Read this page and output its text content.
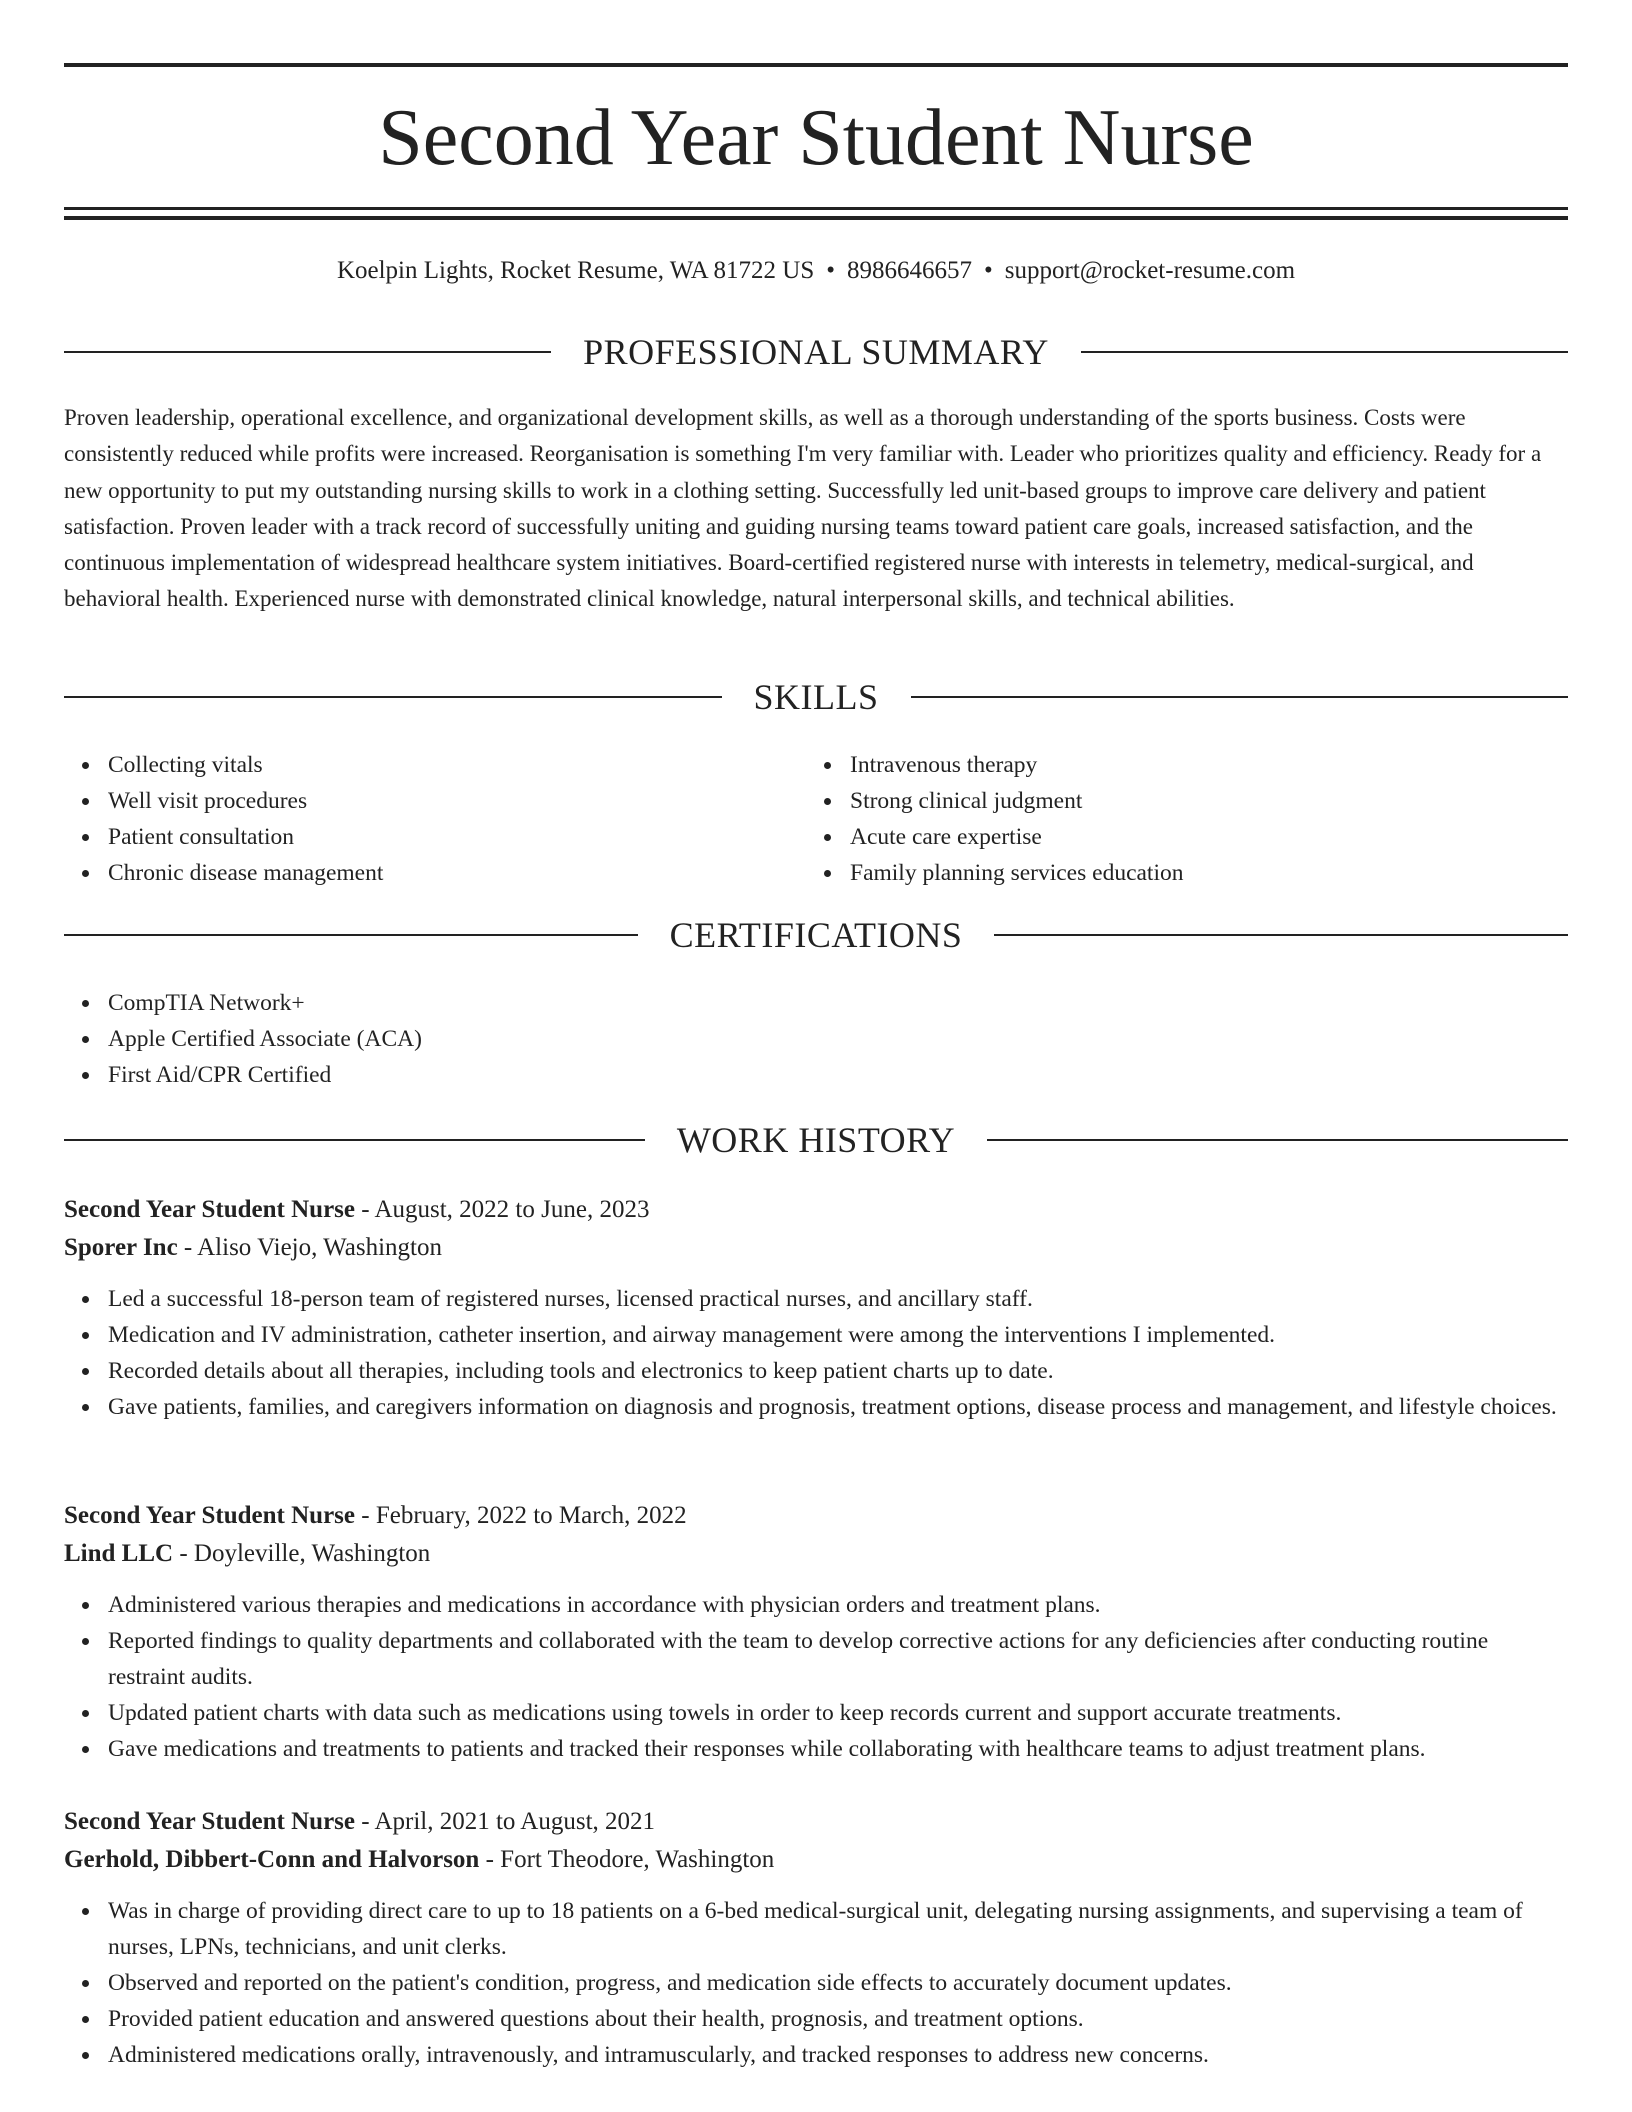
Second Year Student Nurse
Koelpin Lights, Rocket Resume, WA 81722 US • 8986646657 • support@rocket-resume.com
PROFESSIONAL SUMMARY

Proven leadership, operational excellence, and organizational development skills, as well as a thorough understanding of the sports business. Costs were consistently reduced while profits were increased. Reorganisation is something I'm very familiar with. Leader who prioritizes quality and efficiency. Ready for a new opportunity to put my outstanding nursing skills to work in a clothing setting. Successfully led unit-based groups to improve care delivery and patient satisfaction. Proven leader with a track record of successfully uniting and guiding nursing teams toward patient care goals, increased satisfaction, and the continuous implementation of widespread healthcare system initiatives. Board-certified registered nurse with interests in telemetry, medical-surgical, and behavioral health. Experienced nurse with demonstrated clinical knowledge, natural interpersonal skills, and technical abilities.

SKILLS
Collecting vitals
Well visit procedures
Patient consultation
Chronic disease management
Intravenous therapy
Strong clinical judgment
Acute care expertise
Family planning services education
CERTIFICATIONS
CompTIA Network+
Apple Certified Associate (ACA)
First Aid/CPR Certified
WORK HISTORY
Second Year Student Nurse - August, 2022 to June, 2023
Sporer Inc - Aliso Viejo, Washington
Led a successful 18-person team of registered nurses, licensed practical nurses, and ancillary staff.
Medication and IV administration, catheter insertion, and airway management were among the interventions I implemented.
Recorded details about all therapies, including tools and electronics to keep patient charts up to date.
Gave patients, families, and caregivers information on diagnosis and prognosis, treatment options, disease process and management, and lifestyle choices.
Second Year Student Nurse - February, 2022 to March, 2022
Lind LLC - Doyleville, Washington
Administered various therapies and medications in accordance with physician orders and treatment plans.
Reported findings to quality departments and collaborated with the team to develop corrective actions for any deficiencies after conducting routine restraint audits.
Updated patient charts with data such as medications using towels in order to keep records current and support accurate treatments.
Gave medications and treatments to patients and tracked their responses while collaborating with healthcare teams to adjust treatment plans.
Second Year Student Nurse - April, 2021 to August, 2021
Gerhold, Dibbert-Conn and Halvorson - Fort Theodore, Washington
Was in charge of providing direct care to up to 18 patients on a 6-bed medical-surgical unit, delegating nursing assignments, and supervising a team of nurses, LPNs, technicians, and unit clerks.
Observed and reported on the patient's condition, progress, and medication side effects to accurately document updates.
Provided patient education and answered questions about their health, prognosis, and treatment options.
Administered medications orally, intravenously, and intramuscularly, and tracked responses to address new concerns.
